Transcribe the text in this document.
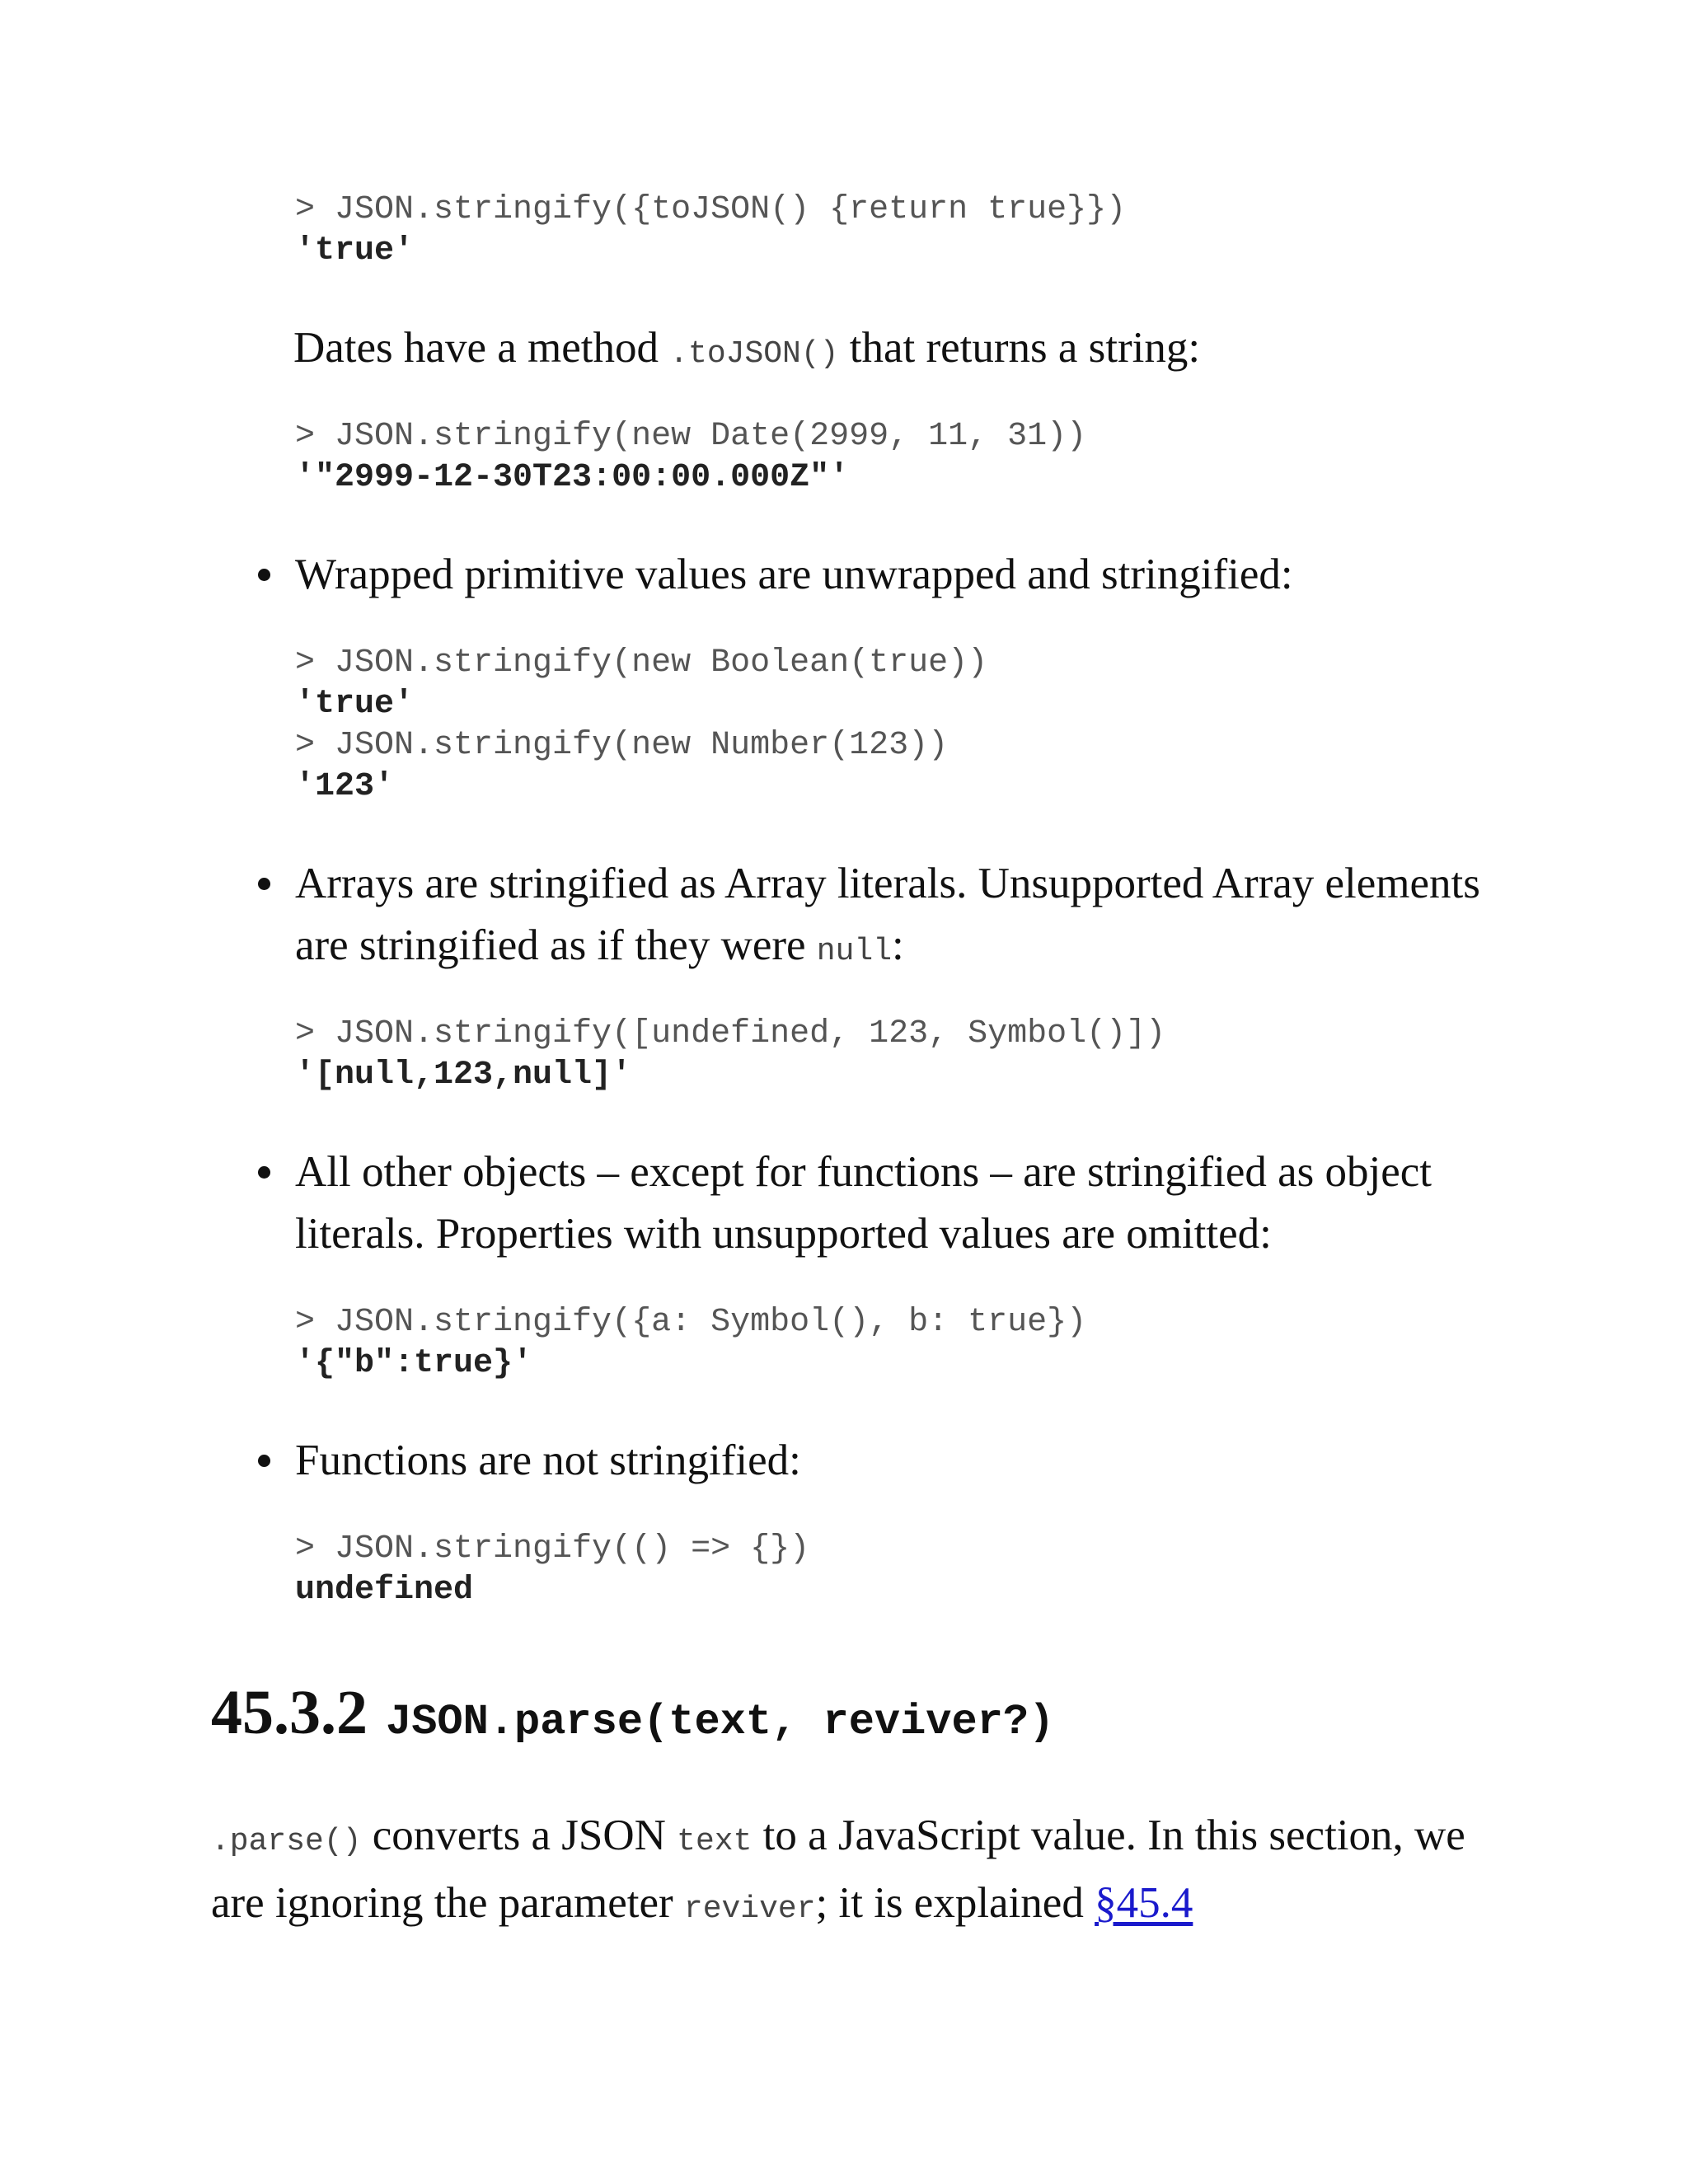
> JSON.stringify({toJSON() {return true}})
'true'

Dates have a method .toJSON() that returns a string:

> JSON.stringify(new Date(2999, 11, 31))
'"2999-12-30T23:00:00.000Z"'

Wrapped primitive values are unwrapped and stringified:

> JSON.stringify(new Boolean(true))
'true'
> JSON.stringify(new Number(123))
'123'

Arrays are stringified as Array literals. Unsupported Array elements are stringified as if they were null:

> JSON.stringify([undefined, 123, Symbol()])
'[null,123,null]'

All other objects – except for functions – are stringified as object literals. Properties with unsupported values are omitted:

> JSON.stringify({a: Symbol(), b: true})
'{"b":true}'

Functions are not stringified:

> JSON.stringify(() => {})
undefined
45.3.2 JSON.parse(text, reviver?)

.parse() converts a JSON text to a JavaScript value. In this section, we are ignoring the parameter reviver; it is explained §45.4
